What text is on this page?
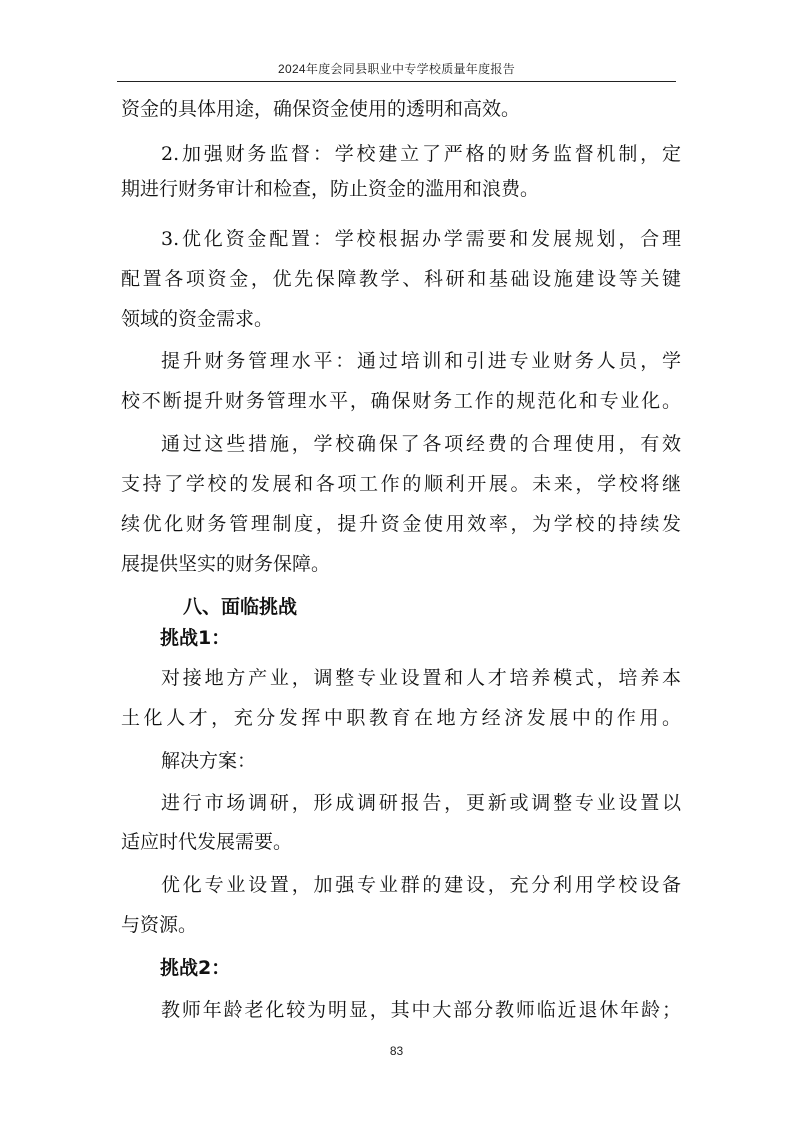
2024年度会同县职业中专学校质量年度报告
资金的具体用途，确保资金使用的透明和高效。
2.加强财务监督：学校建立了严格的财务监督机制，定
期进行财务审计和检查，防止资金的滥用和浪费。
3.优化资金配置：学校根据办学需要和发展规划，合理
配置各项资金，优先保障教学、科研和基础设施建设等关键
领域的资金需求。
提升财务管理水平：通过培训和引进专业财务人员，学
校不断提升财务管理水平，确保财务工作的规范化和专业化。
通过这些措施，学校确保了各项经费的合理使用，有效
支持了学校的发展和各项工作的顺利开展。未来，学校将继
续优化财务管理制度，提升资金使用效率，为学校的持续发
展提供坚实的财务保障。
八、面临挑战
挑战1：
对接地方产业，调整专业设置和人才培养模式，培养本
土化人才，充分发挥中职教育在地方经济发展中的作用。
解决方案：
进行市场调研，形成调研报告，更新或调整专业设置以
适应时代发展需要。
优化专业设置，加强专业群的建设，充分利用学校设备
与资源。
挑战2：
教师年龄老化较为明显，其中大部分教师临近退休年龄；
83
